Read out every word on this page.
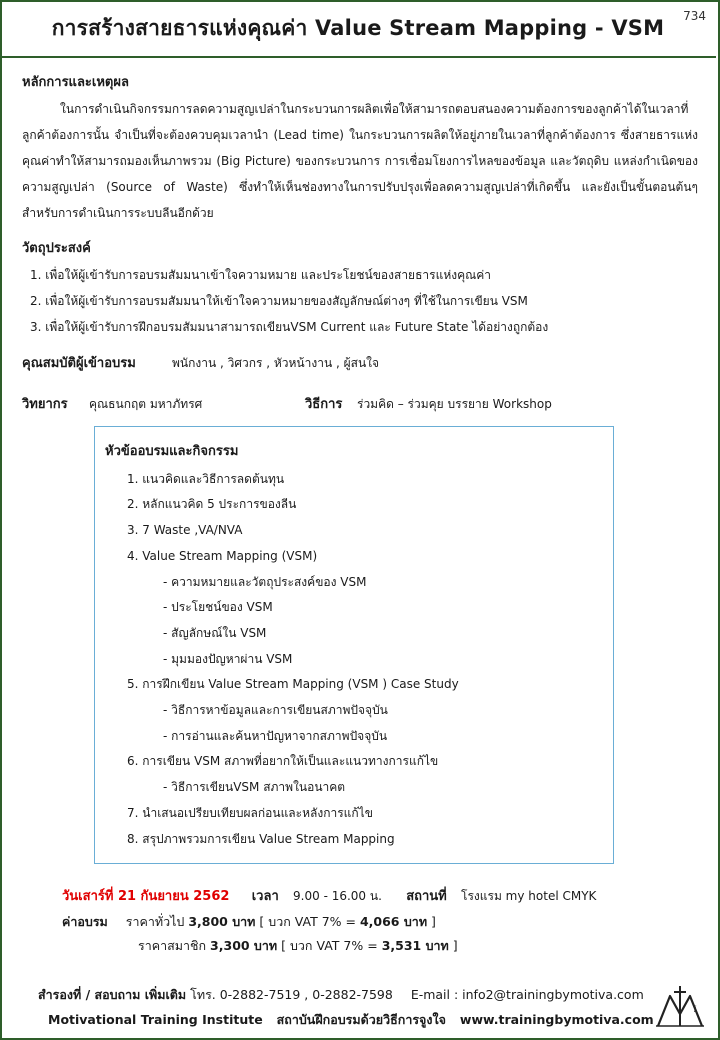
734
การสร้างสายธารแห่งคุณค่า Value Stream Mapping - VSM
หลักการและเหตุผล

ในการดำเนินกิจกรรมการลดความสูญเปล่าในกระบวนการผลิตเพื่อให้สามารถตอบสนองความต้องการของลูกค้าได้ในเวลาที่ลูกค้าต้องการนั้น จำเป็นที่จะต้องควบคุมเวลานำ (Lead time) ในกระบวนการผลิตให้อยู่ภายในเวลาที่ลูกค้าต้องการ ซึ่งสายธารแห่งคุณค่าทำให้สามารถมองเห็นภาพรวม (Big Picture) ของกระบวนการ การเชื่อมโยงการไหลของข้อมูล และวัตถุดิบ แหล่งกำเนิดของความสูญเปล่า (Source of Waste) ซึ่งทำให้เห็นช่องทางในการปรับปรุงเพื่อลดความสูญเปล่าที่เกิดขึ้น และยังเป็นขั้นตอนต้นๆ สำหรับการดำเนินการระบบลีนอีกด้วย

วัตถุประสงค์
1. เพื่อให้ผู้เข้ารับการอบรมสัมมนาเข้าใจความหมาย และประโยชน์ของสายธารแห่งคุณค่า
2. เพื่อให้ผู้เข้ารับการอบรมสัมมนาให้เข้าใจความหมายของสัญลักษณ์ต่างๆ ที่ใช้ในการเขียน VSM
3. เพื่อให้ผู้เข้ารับการฝึกอบรมสัมมนาสามารถเขียนVSM Current และ Future State ได้อย่างถูกต้อง
คุณสมบัติผู้เข้าอบรม	พนักงาน , วิศวกร , หัวหน้างาน , ผู้สนใจ
วิทยากร	คุณธนกฤต มหาภัทรศ	วิธีการ	ร่วมคิด – ร่วมคุย บรรยาย Workshop
หัวข้ออบรมและกิจกรรม
1. แนวคิดและวิธีการลดต้นทุน
2. หลักแนวคิด 5 ประการของลีน
3. 7 Waste ,VA/NVA
4. Value Stream Mapping (VSM)
- ความหมายและวัตถุประสงค์ของ VSM
- ประโยชน์ของ VSM
- สัญลักษณ์ใน VSM
- มุมมองปัญหาผ่าน VSM
5. การฝึกเขียน Value Stream Mapping (VSM ) Case Study
- วิธีการหาข้อมูลและการเขียนสภาพปัจจุบัน
- การอ่านและค้นหาปัญหาจากสภาพปัจจุบัน
6. การเขียน VSM สภาพที่อยากให้เป็นและแนวทางการแก้ไข
- วิธีการเขียนVSM สภาพในอนาคต
7. นำเสนอเปรียบเทียบผลก่อนและหลังการแก้ไข
8. สรุปภาพรวมการเขียน Value Stream Mapping
วันเสาร์ที่ 21 กันยายน 2562 เวลา 9.00 - 16.00 น. สถานที่ โรงแรม my hotel CMYK
ค่าอบรม ราคาทั่วไป 3,800 บาท [ บวก VAT 7% = 4,066 บาท ]
ราคาสมาชิก 3,300 บาท [ บวก VAT 7% = 3,531 บาท ]
สำรองที่ / สอบถาม เพิ่มเติม โทร. 0-2882-7519 , 0-2882-7598 E-mail : info2@trainingbymotiva.com
Motivational Training Institute สถาบันฝึกอบรมด้วยวิธีการจูงใจ www.trainingbymotiva.com
i
